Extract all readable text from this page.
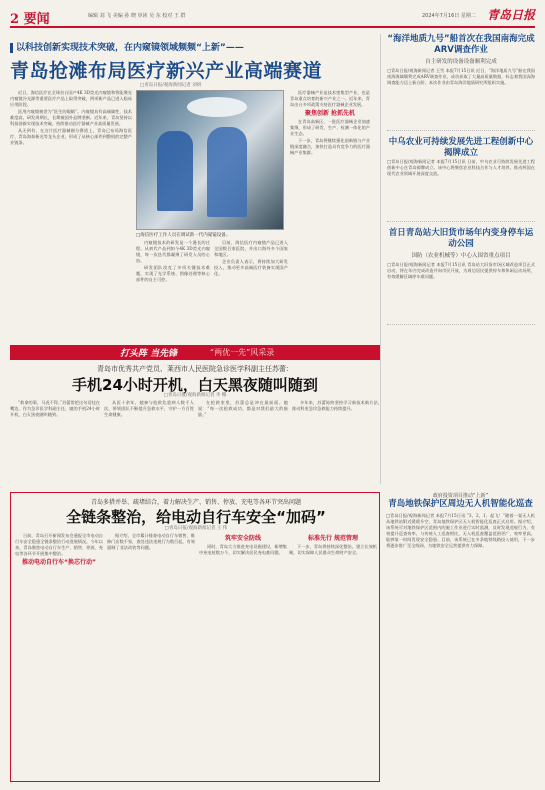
2 要闻	编辑 刘 飞 美编 孙 晓 审读 吴 东 校对 王 群	2024年7月16日 星期二 青岛日报
以科技创新实现技术突破，在内窥镜领域频频“上新”——
青岛抢滩布局医疗新兴产业高端赛道
□青岛日报/观海新闻记者 刘妍

近日，海信医疗在全球首台国产4K 3D荧光内窥镜和智能聚光内窥镜冷光源等重要医疗产品上取得突破，两项新产品已进入临床应用阶段。

医用内窥镜被誉为“医生的眼睛”。内窥镜具有高端属性，技术难度高，研发周期长，长期被国外品牌垄断。近年来，青岛坚持以科技创新实现技术突破，持续推动医疗器械产业高质量发展。

从无到有，在这片医疗器械细分赛道上，青岛已布局海信医疗、青岛海泰新光等龙头企业，形成了从核心部件到整机的完整产业链条。

□海信医疗工作人员在调试新一代内窥镜设备。

内窥镜技术的研发是一个漫长的过程。从初代产品到如今4K 3D荧光内窥镜，每一次迭代都凝聚了研发人员的心血。

研发团队攻克了多项关键技术难题，实现了光学系统、图像处理等核心部件的自主可控。

目前，海信医疗内窥镜产品已进入全国数百家医院，并出口海外多个国家和地区。

企业负责人表示，将持续加大研发投入，推动更多高端医疗装备实现国产化。

医疗器械产业是技术密集型产业，也是青岛重点培育的新兴产业之一。近年来，青岛出台多项政策支持医疗器械企业发展。

聚焦创新 抢抓先机

在青岛高新区，一批医疗器械企业加速集聚，形成了研发、生产、检测一体化的产业生态。

下一步，青岛将继续强化创新链与产业链深度融合，加快打造具有竞争力的医疗器械产业集群。

“海洋地质九号”船首次在我国南海完成ARV调查作业
自主研发的设备设备顺利完成
□青岛日报/观海新闻记者 王雪 本报7月15日讯 近日，“海洋地质九号”船在我国南海海域顺利完成ARV调查作业，成功获取了大量高质量数据，标志着我国深海调查能力迈上新台阶。本次作业由青岛海洋地质研究所组织实施。
中乌农业可持续发展先进工程创新中心揭牌成立
□青岛日报/观海新闻记者 本报7月15日讯 日前，中乌农业可持续发展先进工程创新中心在青岛揭牌成立。该中心将聚焦农业科技合作与人才培养，推动两国在现代农业领域开展深度交流。
首日青岛站大旧货市场年内变身停车运动公园
国防（农业机械等）中心入围省重点项目
□青岛日报/观海新闻记者 本报7月15日讯 青岛站大旧货市场区域改造项目正式启动，将在年内完成改造并向市民开放，为周边居民提供停车和休闲运动场所，有效缓解区域停车难问题。
打头阵 当先锋	“两优一先”风采录
青岛市优秀共产党员、莱西市人民医院急诊医学科副主任苏蕾：
手机24小时开机，白天黑夜随叫随到
□青岛日报/观海新闻记者 李 娜

“救命的事，马虎不得。”苏蕾常把这句话挂在嘴边。作为急诊医学科副主任，她的手机24小时开机，白天黑夜随叫随到。

从医十余年，她参与抢救危重病人数千人次，带领团队不断提升急救水平，守护一方百姓生命健康。

在抢救室里，苏蕾总是冲在最前面。她说：“每一次抢救成功，都是对我们最大的鼓励。”

多年来，苏蕾始终坚持学习新技术新方法，推动科室急诊急救能力持续提升。

青岛多措并举、疏堵结合，着力解决生产、销售、停放、充电等各环节突出问题
全链条整治，给电动自行车安全“加码”
□青岛日报/观海新闻记者 王 伟

日前，青岛召开新闻发布会通报全市电动自行车安全隐患全链条整治行动进展情况。今年以来，青岛聚焦电动自行车生产、销售、停放、充电等各环节开展集中整治。

推动电动自行车“换芯行动”

据介绍，全市累计排查电动自行车销售、维修门店数千家，查处违法违规行为数百起，有效遏制了非法改装等问题。

筑牢安全防线

同时，青岛大力推进充电设施建设，新增集中充电桩数万个，切实解决居民充电难问题。

标准先行 规范管理

下一步，青岛将持续深化整治，建立长效机制，切实保障人民群众生命财产安全。

政府投资项目推动“上新”
青岛地铁保护区周边无人机智能化巡查
□青岛日报/观海新闻记者 本报7月15日讯 “3，2，1，起飞！”随着一架无人机从地铁站附近缓缓升空，青岛地铁保护区无人机智能化巡查正式启用。据介绍，该系统可对地铁保护区范围内的施工作业进行实时监测，及时发现违规行为，有效提升巡查效率。与传统人工巡查相比，无人机巡查覆盖范围更广、效率更高，能够第一时间发现安全隐患。目前，该系统已在多条地铁线路投入使用，下一步将逐步推广至全线网，为地铁安全运营提供有力保障。
